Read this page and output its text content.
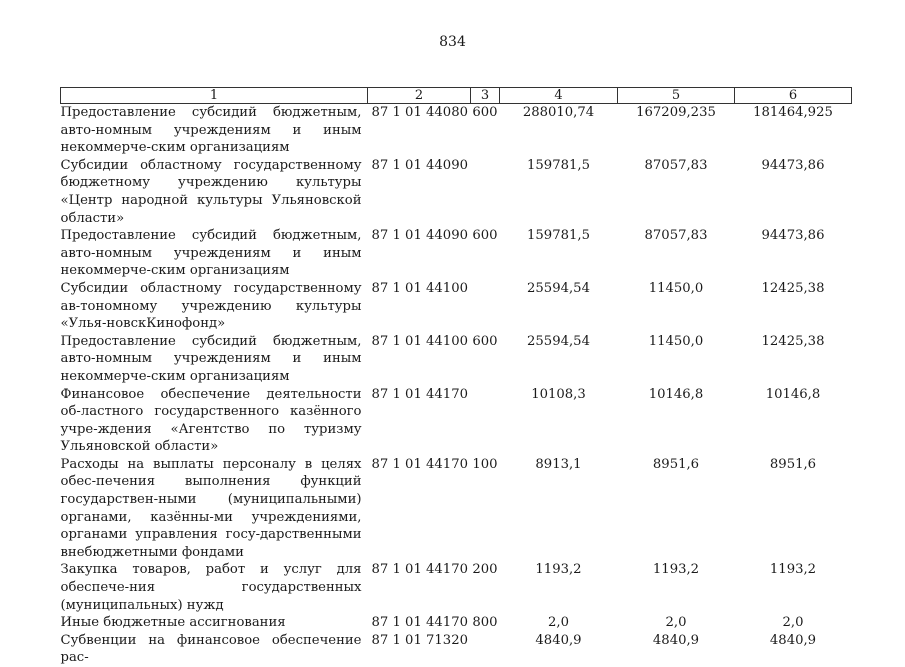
834
1	2	3	4	5	6
Предоставление субсидий бюджетным, авто-номным учреждениям и иным некоммерче-ским организациям	87 1 01 44080	600	288010,74	167209,235	181464,925
Субсидии областному государственному бюджетному учреждению культуры «Центр народной культуры Ульяновской области»	87 1 01 44090		159781,5	87057,83	94473,86
Предоставление субсидий бюджетным, авто-номным учреждениям и иным некоммерче-ским организациям	87 1 01 44090	600	159781,5	87057,83	94473,86
Субсидии областному государственному ав-тономному учреждению культуры «Улья-новскКинофонд»	87 1 01 44100		25594,54	11450,0	12425,38
Предоставление субсидий бюджетным, авто-номным учреждениям и иным некоммерче-ским организациям	87 1 01 44100	600	25594,54	11450,0	12425,38
Финансовое обеспечение деятельности об-ластного государственного казённого учре-ждения «Агентство по туризму Ульяновской области»	87 1 01 44170		10108,3	10146,8	10146,8
Расходы на выплаты персоналу в целях обес-печения выполнения функций государствен-ными (муниципальными) органами, казённы-ми учреждениями, органами управления госу-дарственными внебюджетными фондами	87 1 01 44170	100	8913,1	8951,6	8951,6
Закупка товаров, работ и услуг для обеспече-ния государственных (муниципальных) нужд	87 1 01 44170	200	1193,2	1193,2	1193,2
Иные бюджетные ассигнования	87 1 01 44170	800	2,0	2,0	2,0
Субвенции на финансовое обеспечение рас-	87 1 01 71320		4840,9	4840,9	4840,9
